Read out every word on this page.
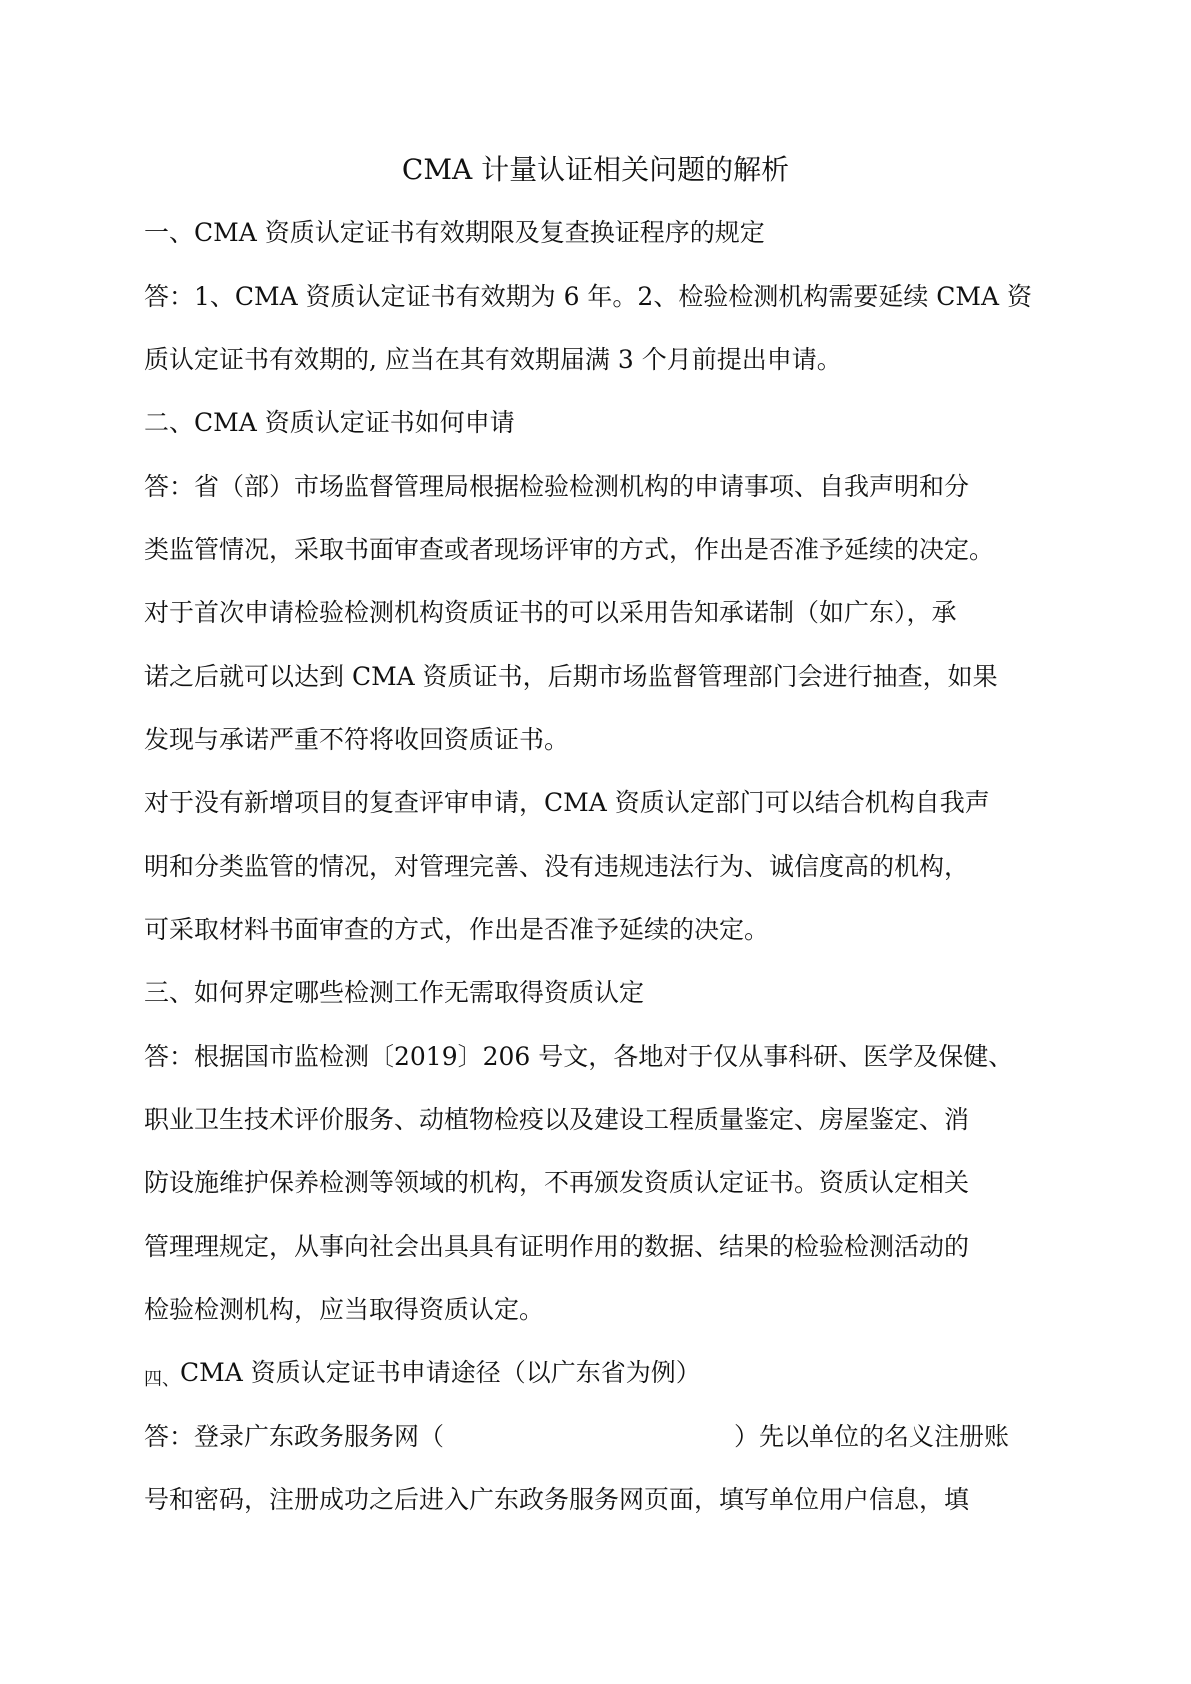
CMA 计量认证相关问题的解析
一、CMA 资质认定证书有效期限及复查换证程序的规定
答：1、CMA 资质认定证书有效期为 6 年。2、检验检测机构需要延续 CMA 资
质认定证书有效期的, 应当在其有效期届满 3 个月前提出申请。
二、CMA 资质认定证书如何申请
答：省（部）市场监督管理局根据检验检测机构的申请事项、自我声明和分
类监管情况，采取书面审查或者现场评审的方式，作出是否准予延续的决定。
对于首次申请检验检测机构资质证书的可以采用告知承诺制（如广东），承
诺之后就可以达到 CMA 资质证书，后期市场监督管理部门会进行抽查，如果
发现与承诺严重不符将收回资质证书。
对于没有新增项目的复查评审申请，CMA 资质认定部门可以结合机构自我声
明和分类监管的情况，对管理完善、没有违规违法行为、诚信度高的机构，
可采取材料书面审查的方式，作出是否准予延续的决定。
三、如何界定哪些检测工作无需取得资质认定
答：根据国市监检测〔2019〕206 号文，各地对于仅从事科研、医学及保健、
职业卫生技术评价服务、动植物检疫以及建设工程质量鉴定、房屋鉴定、消
防设施维护保养检测等领域的机构，不再颁发资质认定证书。资质认定相关
管理理规定，从事向社会出具具有证明作用的数据、结果的检验检测活动的
检验检测机构，应当取得资质认定。
四、CMA 资质认定证书申请途径（以广东省为例）
答：登录广东政务服务网（	）先以单位的名义注册账
号和密码，注册成功之后进入广东政务服务网页面，填写单位用户信息，填
